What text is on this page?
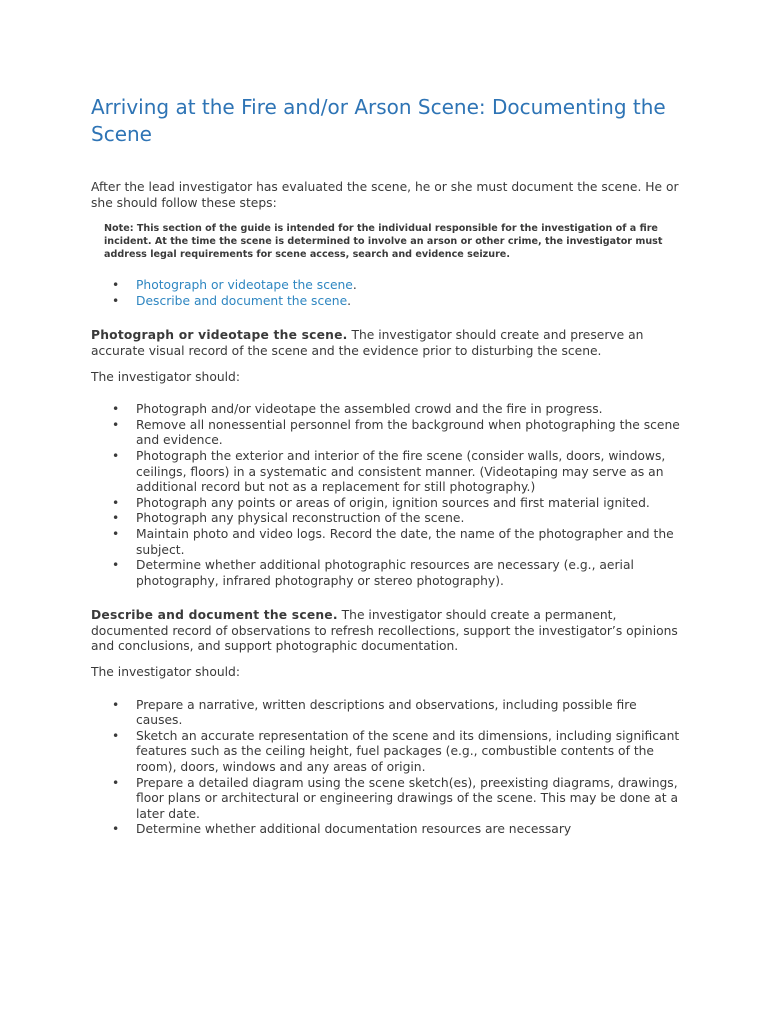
Arriving at the Fire and/or Arson Scene: Documenting the Scene

After the lead investigator has evaluated the scene, he or she must document the scene. He or she should follow these steps:

Note: This section of the guide is intended for the individual responsible for the investigation of a fire incident. At the time the scene is determined to involve an arson or other crime, the investigator must address legal requirements for scene access, search and evidence seizure.

• Photograph or videotape the scene.
• Describe and document the scene.

Photograph or videotape the scene. The investigator should create and preserve an accurate visual record of the scene and the evidence prior to disturbing the scene.

The investigator should:

• Photograph and/or videotape the assembled crowd and the fire in progress.
• Remove all nonessential personnel from the background when photographing the scene and evidence.
• Photograph the exterior and interior of the fire scene (consider walls, doors, windows, ceilings, floors) in a systematic and consistent manner. (Videotaping may serve as an additional record but not as a replacement for still photography.)
• Photograph any points or areas of origin, ignition sources and first material ignited.
• Photograph any physical reconstruction of the scene.
• Maintain photo and video logs. Record the date, the name of the photographer and the subject.
• Determine whether additional photographic resources are necessary (e.g., aerial photography, infrared photography or stereo photography).

Describe and document the scene. The investigator should create a permanent, documented record of observations to refresh recollections, support the investigator’s opinions and conclusions, and support photographic documentation.

The investigator should:

• Prepare a narrative, written descriptions and observations, including possible fire causes.
• Sketch an accurate representation of the scene and its dimensions, including significant features such as the ceiling height, fuel packages (e.g., combustible contents of the room), doors, windows and any areas of origin.
• Prepare a detailed diagram using the scene sketch(es), preexisting diagrams, drawings, floor plans or architectural or engineering drawings of the scene. This may be done at a later date.
• Determine whether additional documentation resources are necessary
